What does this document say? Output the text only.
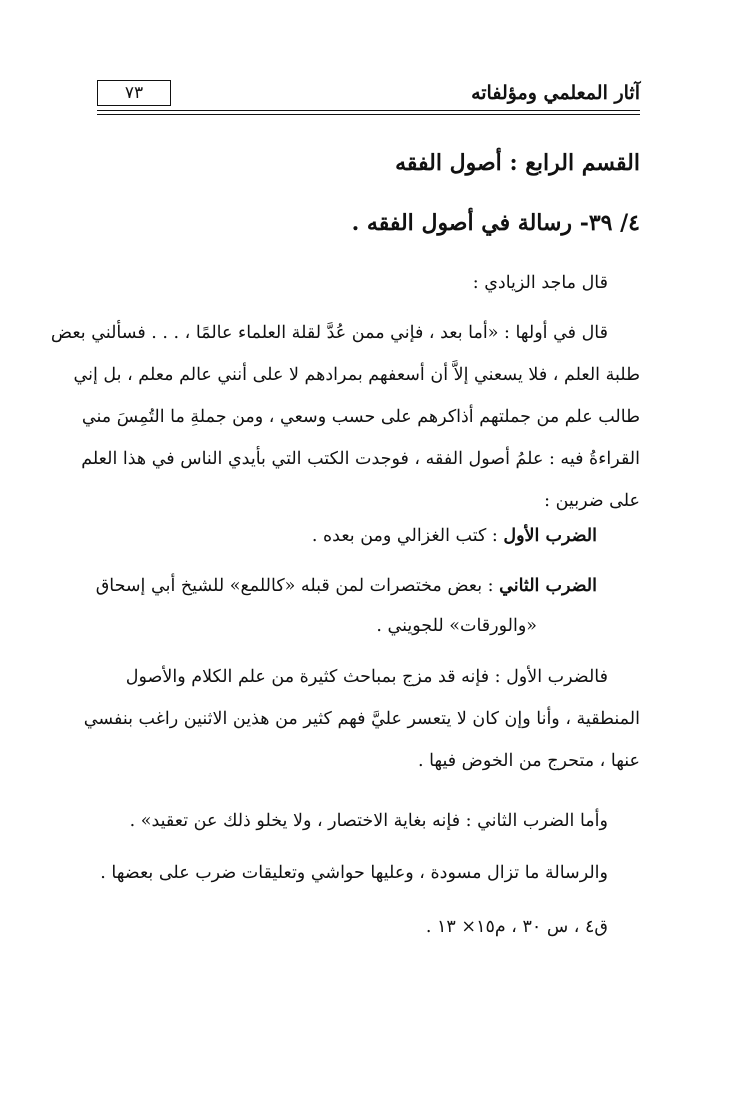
آثار المعلمي ومؤلفاته
٧٣
القسم الرابع : أصول الفقه
٤/ ٣٩- رسالة في أصول الفقه .
قال ماجد الزيادي :
قال في أولها : «أما بعد ، فإني ممن عُدَّ لقلة العلماء عالمًا ، . . . فسألني بعض
طلبة العلم ، فلا يسعني إلاَّ أن أسعفهم بمرادهم لا على أنني عالم معلم ، بل إني
طالب علم من جملتهم أذاكرهم على حسب وسعي ، ومن جملةِ ما التُمِسَ مني
القراءةُ فيه : علمُ أصول الفقه ، فوجدت الكتب التي بأيدي الناس في هذا العلم
على ضربين :
الضرب الأول : كتب الغزالي ومن بعده .
الضرب الثاني : بعض مختصرات لمن قبله «كاللمع» للشيخ أبي إسحاق
«والورقات» للجويني .
فالضرب الأول : فإنه قد مزج بمباحث كثيرة من علم الكلام والأصول
المنطقية ، وأنا وإن كان لا يتعسر عليَّ فهم كثير من هذين الاثنين راغب بنفسي
عنها ، متحرج من الخوض فيها .
وأما الضرب الثاني : فإنه بغاية الاختصار ، ولا يخلو ذلك عن تعقيد» .
والرسالة ما تزال مسودة ، وعليها حواشي وتعليقات ضرب على بعضها .
ق٤ ، س ٣٠ ، م١٥× ١٣ .
